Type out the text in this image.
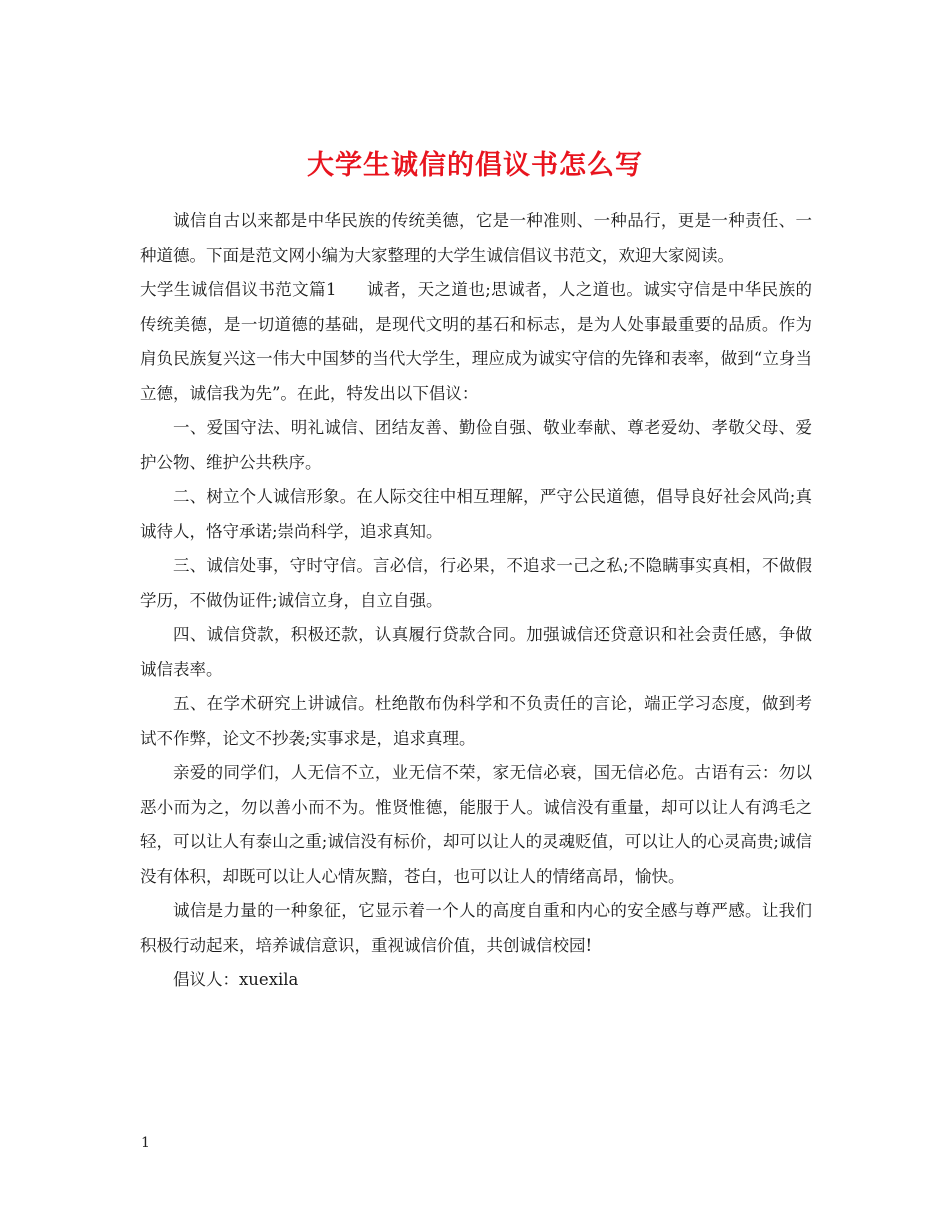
大学生诚信的倡议书怎么写

诚信自古以来都是中华民族的传统美德，它是一种准则、一种品行，更是一种责任、一种道德。下面是范文网小编为大家整理的大学生诚信倡议书范文，欢迎大家阅读。

大学生诚信倡议书范文篇1 诚者，天之道也;思诚者，人之道也。诚实守信是中华民族的传统美德，是一切道德的基础，是现代文明的基石和标志，是为人处事最重要的品质。作为肩负民族复兴这一伟大中国梦的当代大学生，理应成为诚实守信的先锋和表率，做到“立身当立德，诚信我为先”。在此，特发出以下倡议：

一、爱国守法、明礼诚信、团结友善、勤俭自强、敬业奉献、尊老爱幼、孝敬父母、爱护公物、维护公共秩序。

二、树立个人诚信形象。在人际交往中相互理解，严守公民道德，倡导良好社会风尚;真诚待人，恪守承诺;崇尚科学，追求真知。

三、诚信处事，守时守信。言必信，行必果，不追求一己之私;不隐瞒事实真相，不做假学历，不做伪证件;诚信立身，自立自强。

四、诚信贷款，积极还款，认真履行贷款合同。加强诚信还贷意识和社会责任感，争做诚信表率。

五、在学术研究上讲诚信。杜绝散布伪科学和不负责任的言论，端正学习态度，做到考试不作弊，论文不抄袭;实事求是，追求真理。

亲爱的同学们，人无信不立，业无信不荣，家无信必衰，国无信必危。古语有云：勿以恶小而为之，勿以善小而不为。惟贤惟德，能服于人。诚信没有重量，却可以让人有鸿毛之轻，可以让人有泰山之重;诚信没有标价，却可以让人的灵魂贬值，可以让人的心灵高贵;诚信没有体积，却既可以让人心情灰黯，苍白，也可以让人的情绪高昂，愉快。

诚信是力量的一种象征，它显示着一个人的高度自重和内心的安全感与尊严感。让我们积极行动起来，培养诚信意识，重视诚信价值，共创诚信校园!

倡议人：xuexila

1
